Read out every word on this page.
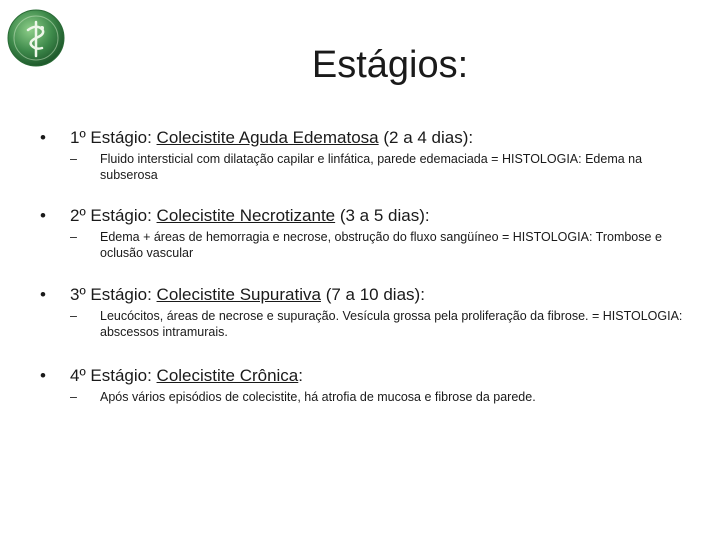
Estágios:
•	1º Estágio: Colecistite Aguda Edematosa (2 a 4 dias):
–	Fluido intersticial com dilatação capilar e linfática, parede edemaciada = HISTOLOGIA: Edema na subserosa
•	2º Estágio: Colecistite Necrotizante (3 a 5 dias):
–	Edema + áreas de hemorragia e necrose, obstrução do fluxo sangüíneo = HISTOLOGIA: Trombose e oclusão vascular
•	3º Estágio: Colecistite Supurativa (7 a 10 dias):
–	Leucócitos, áreas de necrose e supuração. Vesícula grossa pela proliferação da fibrose. = HISTOLOGIA: abscessos intramurais.
•	4º Estágio: Colecistite Crônica:
–	Após vários episódios de colecistite, há atrofia de mucosa e fibrose da parede.
